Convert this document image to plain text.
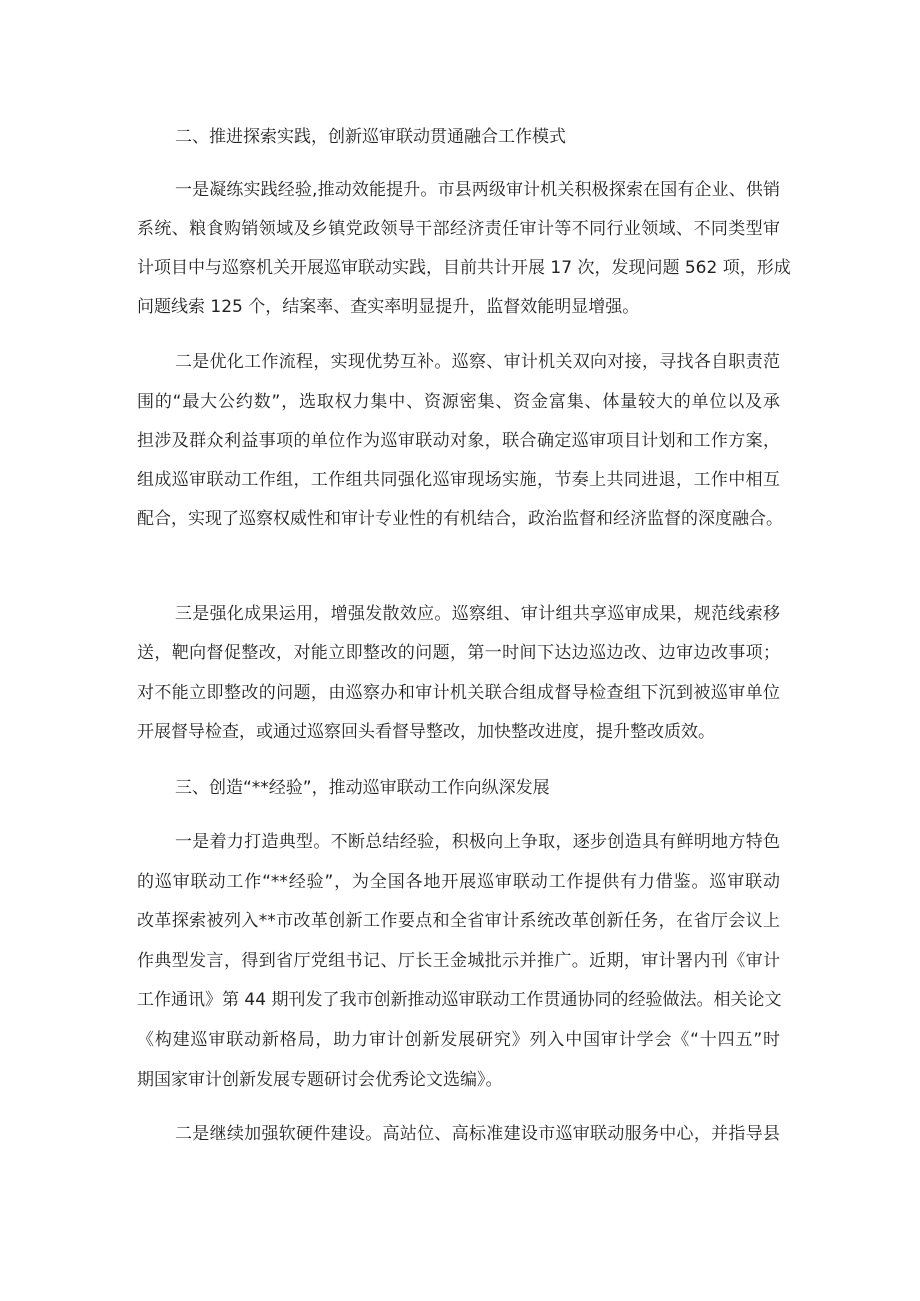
二、推进探索实践，创新巡审联动贯通融合工作模式
一是凝练实践经验,推动效能提升。市县两级审计机关积极探索在国有企业、供销
系统、粮食购销领域及乡镇党政领导干部经济责任审计等不同行业领域、不同类型审
计项目中与巡察机关开展巡审联动实践，目前共计开展 17 次，发现问题 562 项，形成
问题线索 125 个，结案率、查实率明显提升，监督效能明显增强。
二是优化工作流程，实现优势互补。巡察、审计机关双向对接，寻找各自职责范
围的“最大公约数”，选取权力集中、资源密集、资金富集、体量较大的单位以及承
担涉及群众利益事项的单位作为巡审联动对象，联合确定巡审项目计划和工作方案，
组成巡审联动工作组，工作组共同强化巡审现场实施，节奏上共同进退，工作中相互
配合，实现了巡察权威性和审计专业性的有机结合，政治监督和经济监督的深度融合。
三是强化成果运用，增强发散效应。巡察组、审计组共享巡审成果，规范线索移
送，靶向督促整改，对能立即整改的问题，第一时间下达边巡边改、边审边改事项；
对不能立即整改的问题，由巡察办和审计机关联合组成督导检查组下沉到被巡审单位
开展督导检查，或通过巡察回头看督导整改，加快整改进度，提升整改质效。
三、创造“**经验”，推动巡审联动工作向纵深发展
一是着力打造典型。不断总结经验，积极向上争取，逐步创造具有鲜明地方特色
的巡审联动工作“**经验”，为全国各地开展巡审联动工作提供有力借鉴。巡审联动
改革探索被列入**市改革创新工作要点和全省审计系统改革创新任务，在省厅会议上
作典型发言，得到省厅党组书记、厅长王金城批示并推广。近期，审计署内刊《审计
工作通讯》第 44 期刊发了我市创新推动巡审联动工作贯通协同的经验做法。相关论文
《构建巡审联动新格局，助力审计创新发展研究》列入中国审计学会《“十四五”时
期国家审计创新发展专题研讨会优秀论文选编》。
二是继续加强软硬件建设。高站位、高标准建设市巡审联动服务中心，并指导县
